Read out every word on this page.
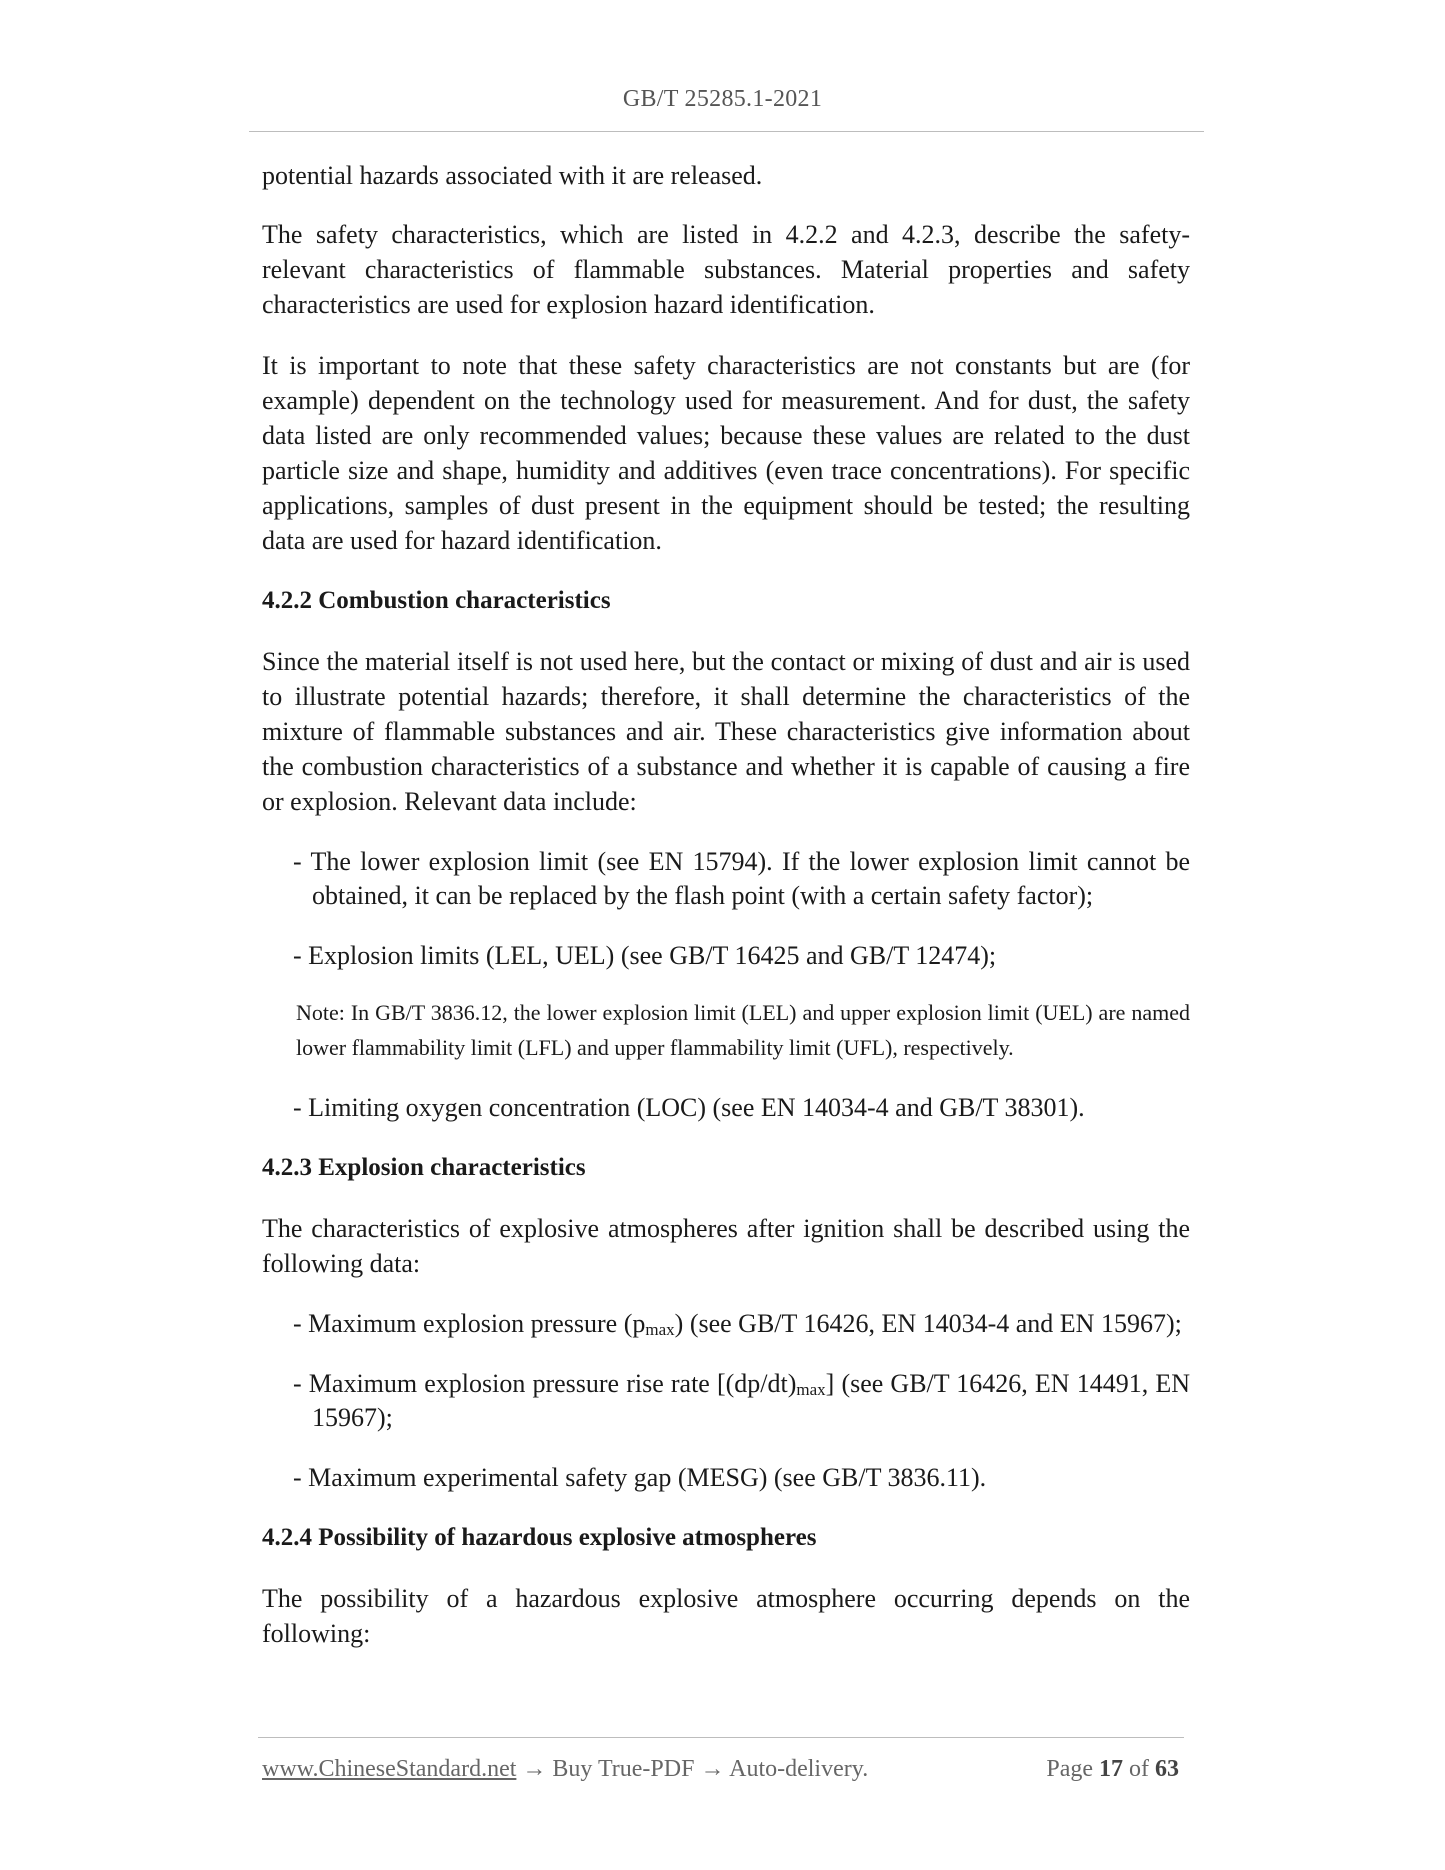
GB/T 25285.1-2021

potential hazards associated with it are released.

The safety characteristics, which are listed in 4.2.2 and 4.2.3, describe the safety-relevant characteristics of flammable substances. Material properties and safety characteristics are used for explosion hazard identification.

It is important to note that these safety characteristics are not constants but are (for example) dependent on the technology used for measurement. And for dust, the safety data listed are only recommended values; because these values are related to the dust particle size and shape, humidity and additives (even trace concentrations). For specific applications, samples of dust present in the equipment should be tested; the resulting data are used for hazard identification.

4.2.2 Combustion characteristics

Since the material itself is not used here, but the contact or mixing of dust and air is used to illustrate potential hazards; therefore, it shall determine the characteristics of the mixture of flammable substances and air. These characteristics give information about the combustion characteristics of a substance and whether it is capable of causing a fire or explosion. Relevant data include:

- The lower explosion limit (see EN 15794). If the lower explosion limit cannot be obtained, it can be replaced by the flash point (with a certain safety factor);
- Explosion limits (LEL, UEL) (see GB/T 16425 and GB/T 12474);
Note: In GB/T 3836.12, the lower explosion limit (LEL) and upper explosion limit (UEL) are named lower flammability limit (LFL) and upper flammability limit (UFL), respectively.
- Limiting oxygen concentration (LOC) (see EN 14034-4 and GB/T 38301).
4.2.3 Explosion characteristics

The characteristics of explosive atmospheres after ignition shall be described using the following data:

- Maximum explosion pressure $(p_{max})$ (see GB/T 16426, EN 14034-4 and EN 15967);
- Maximum explosion pressure rise rate $[(dp/dt)_{max}]$ (see GB/T 16426, EN 14491, EN 15967);
- Maximum experimental safety gap (MESG) (see GB/T 3836.11).
4.2.4 Possibility of hazardous explosive atmospheres

The possibility of a hazardous explosive atmosphere occurring depends on the following:

www.ChineseStandard.net → Buy True-PDF → Auto-delivery.	Page 17 of 63
